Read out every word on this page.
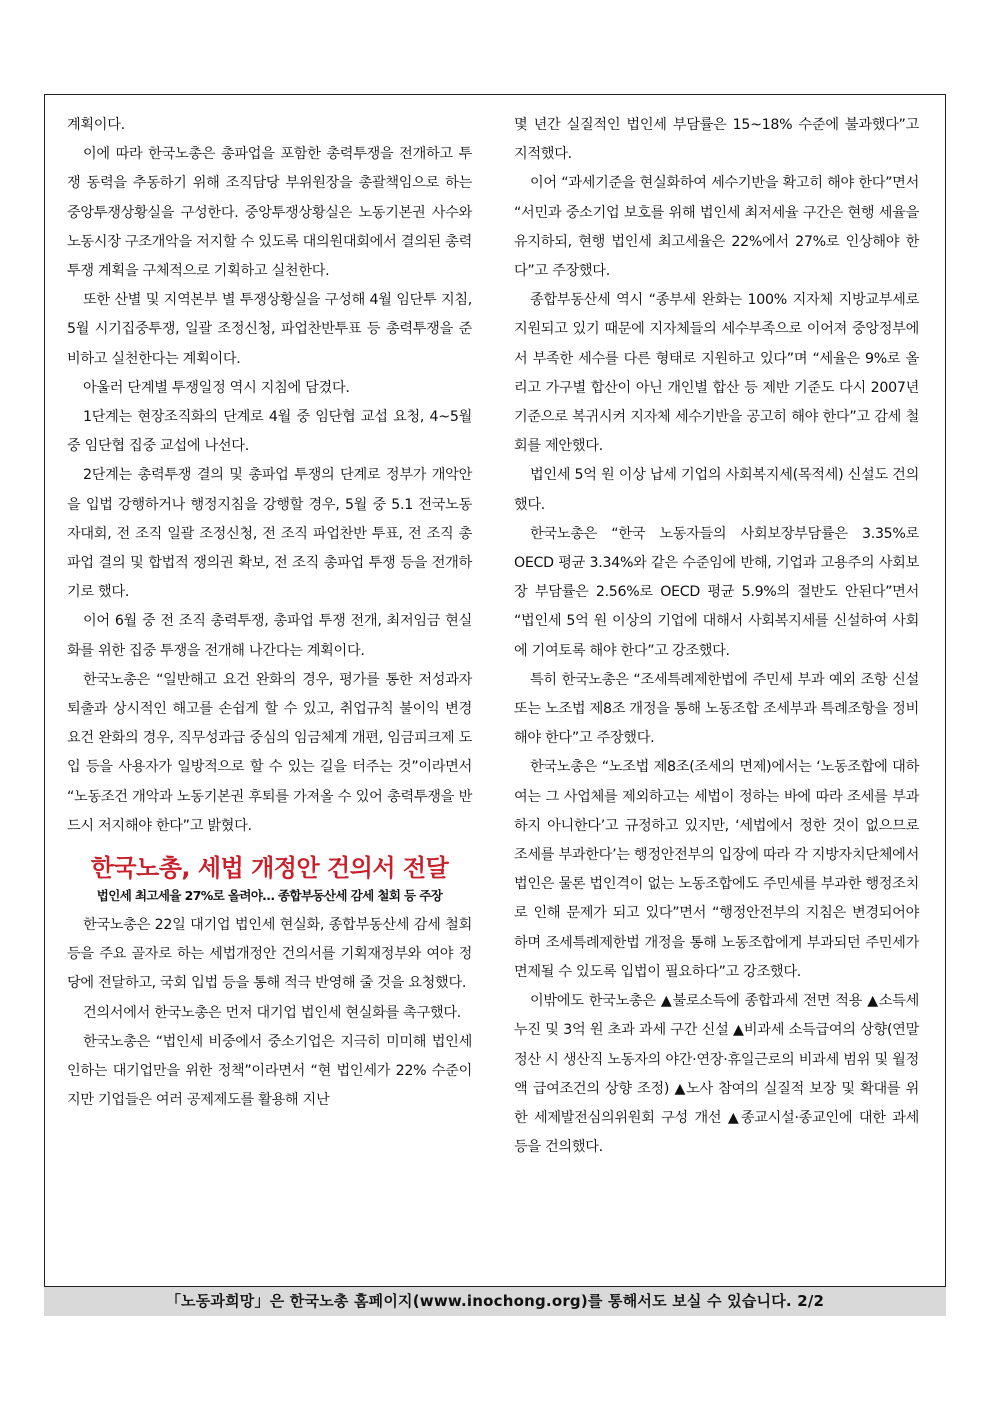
계획이다.

이에 따라 한국노총은 총파업을 포함한 총력투쟁을 전개하고 투쟁 동력을 추동하기 위해 조직담당 부위원장을 총괄책임으로 하는 중앙투쟁상황실을 구성한다. 중앙투쟁상황실은 노동기본권 사수와 노동시장 구조개악을 저지할 수 있도록 대의원대회에서 결의된 총력투쟁 계획을 구체적으로 기획하고 실천한다.

또한 산별 및 지역본부 별 투쟁상황실을 구성해 4월 임단투 지침, 5월 시기집중투쟁, 일괄 조정신청, 파업찬반투표 등 총력투쟁을 준비하고 실천한다는 계획이다.

아울러 단계별 투쟁일정 역시 지침에 담겼다.

1단계는 현장조직화의 단계로 4월 중 임단협 교섭 요청, 4~5월 중 임단협 집중 교섭에 나선다.

2단계는 총력투쟁 결의 및 총파업 투쟁의 단계로 정부가 개악안을 입법 강행하거나 행정지침을 강행할 경우, 5월 중 5.1 전국노동자대회, 전 조직 일괄 조정신청, 전 조직 파업찬반 투표, 전 조직 총파업 결의 및 합법적 쟁의권 확보, 전 조직 총파업 투쟁 등을 전개하기로 했다.

이어 6월 중 전 조직 총력투쟁, 총파업 투쟁 전개, 최저임금 현실화를 위한 집중 투쟁을 전개해 나간다는 계획이다.

한국노총은 “일반해고 요건 완화의 경우, 평가를 통한 저성과자 퇴출과 상시적인 해고를 손쉽게 할 수 있고, 취업규칙 불이익 변경 요건 완화의 경우, 직무성과급 중심의 임금체계 개편, 임금피크제 도입 등을 사용자가 일방적으로 할 수 있는 길을 터주는 것”이라면서 “노동조건 개악과 노동기본권 후퇴를 가져올 수 있어 총력투쟁을 반드시 저지해야 한다”고 밝혔다.

한국노총, 세법 개정안 건의서 전달
법인세 최고세율 27%로 올려야… 종합부동산세 감세 철회 등 주장

한국노총은 22일 대기업 법인세 현실화, 종합부동산세 감세 철회 등을 주요 골자로 하는 세법개정안 건의서를 기획재정부와 여야 정당에 전달하고, 국회 입법 등을 통해 적극 반영해 줄 것을 요청했다.

건의서에서 한국노총은 먼저 대기업 법인세 현실화를 촉구했다.

한국노총은 “법인세 비중에서 중소기업은 지극히 미미해 법인세 인하는 대기업만을 위한 정책”이라면서 “현 법인세가 22% 수준이지만 기업들은 여러 공제제도를 활용해 지난

몇 년간 실질적인 법인세 부담률은 15~18% 수준에 불과했다”고 지적했다.

이어 “과세기준을 현실화하여 세수기반을 확고히 해야 한다”면서 “서민과 중소기업 보호를 위해 법인세 최저세율 구간은 현행 세율을 유지하되, 현행 법인세 최고세율은 22%에서 27%로 인상해야 한다”고 주장했다.

종합부동산세 역시 “종부세 완화는 100% 지자체 지방교부세로 지원되고 있기 때문에 지자체들의 세수부족으로 이어져 중앙정부에서 부족한 세수를 다른 형태로 지원하고 있다”며 “세율은 9%로 올리고 가구별 합산이 아닌 개인별 합산 등 제반 기준도 다시 2007년 기준으로 복귀시켜 지자체 세수기반을 공고히 해야 한다”고 감세 철회를 제안했다.

법인세 5억 원 이상 납세 기업의 사회복지세(목적세) 신설도 건의했다.

한국노총은 “한국 노동자들의 사회보장부담률은 3.35%로 OECD 평균 3.34%와 같은 수준임에 반해, 기업과 고용주의 사회보장 부담률은 2.56%로 OECD 평균 5.9%의 절반도 안된다”면서 “법인세 5억 원 이상의 기업에 대해서 사회복지세를 신설하여 사회에 기여토록 해야 한다”고 강조했다.

특히 한국노총은 “조세특례제한법에 주민세 부과 예외 조항 신설 또는 노조법 제8조 개정을 통해 노동조합 조세부과 특례조항을 정비해야 한다”고 주장했다.

한국노총은 “노조법 제8조(조세의 면제)에서는 ‘노동조합에 대하여는 그 사업체를 제외하고는 세법이 정하는 바에 따라 조세를 부과하지 아니한다’고 규정하고 있지만, ‘세법에서 정한 것이 없으므로 조세를 부과한다’는 행정안전부의 입장에 따라 각 지방자치단체에서 법인은 물론 법인격이 없는 노동조합에도 주민세를 부과한 행정조치로 인해 문제가 되고 있다”면서 “행정안전부의 지침은 변경되어야 하며 조세특례제한법 개정을 통해 노동조합에게 부과되던 주민세가 면제될 수 있도록 입법이 필요하다”고 강조했다.

이밖에도 한국노총은 ▲불로소득에 종합과세 전면 적용 ▲소득세 누진 및 3억 원 초과 과세 구간 신설 ▲비과세 소득급여의 상향(연말정산 시 생산직 노동자의 야간·연장·휴일근로의 비과세 범위 및 월정액 급여조건의 상향 조정) ▲노사 참여의 실질적 보장 및 확대를 위한 세제발전심의위원회 구성 개선 ▲종교시설·종교인에 대한 과세 등을 건의했다.

「노동과희망」은 한국노총 홈페이지(www.inochong.org)를 통해서도 보실 수 있습니다. 2/2
